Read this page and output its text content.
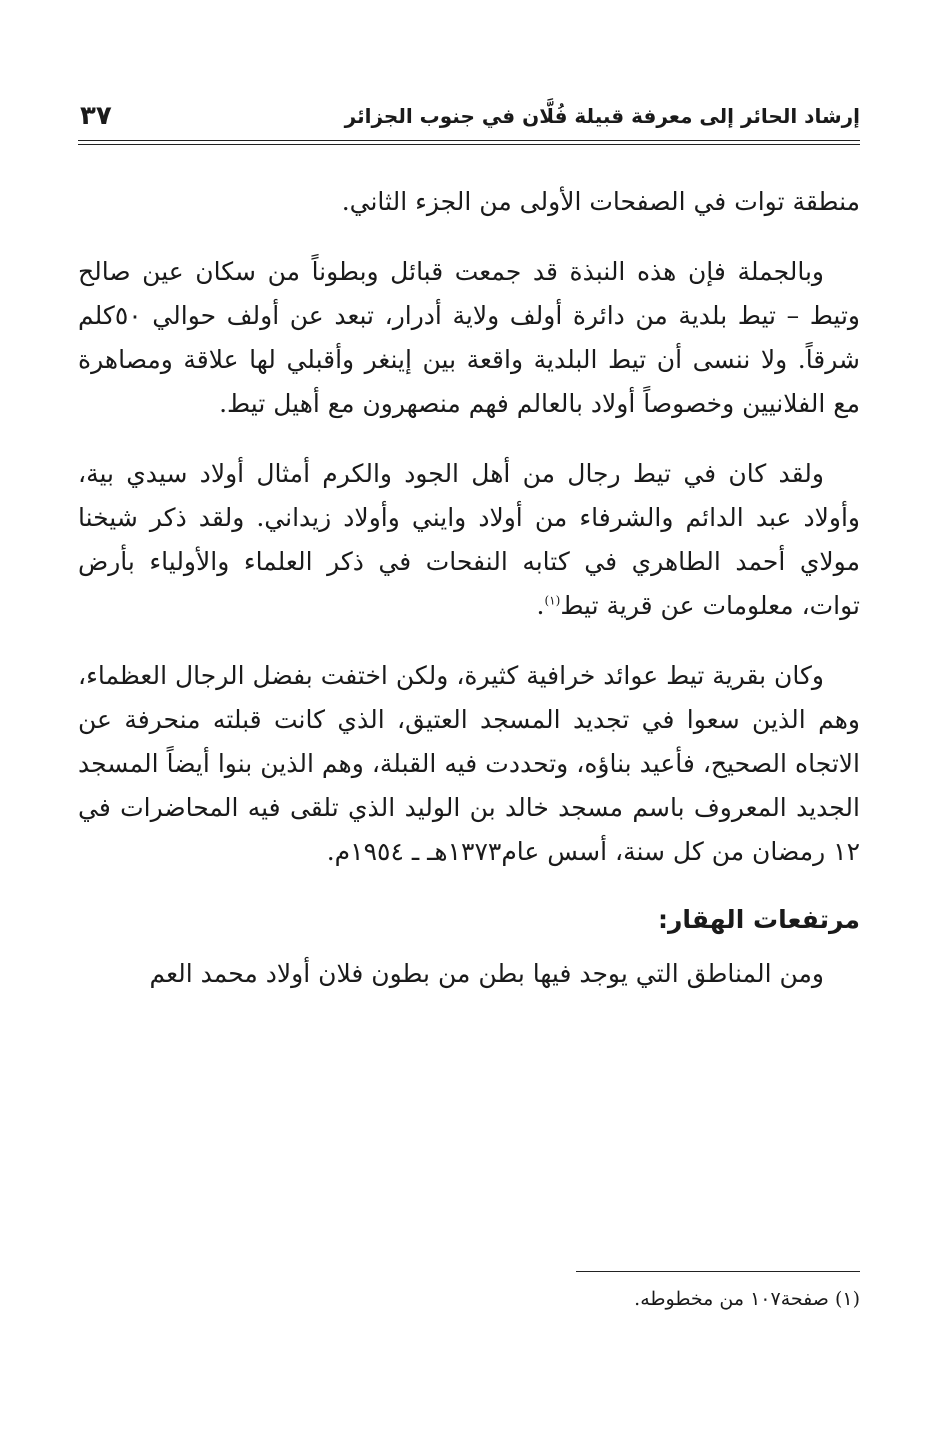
إرشاد الحائر إلى معرفة قبيلة فُلَّان في جنوب الجزائر
٣٧

منطقة توات في الصفحات الأولى من الجزء الثاني.

وبالجملة فإن هذه النبذة قد جمعت قبائل وبطوناً من سكان عين صالح وتيط – تيط بلدية من دائرة أولف ولاية أدرار، تبعد عن أولف حوالي ٥٠كلم شرقاً. ولا ننسى أن تيط البلدية واقعة بين إينغر وأقبلي لها علاقة ومصاهرة مع الفلانيين وخصوصاً أولاد بالعالم فهم منصهرون مع أهيل تيط.

ولقد كان في تيط رجال من أهل الجود والكرم أمثال أولاد سيدي بية، وأولاد عبد الدائم والشرفاء من أولاد وايني وأولاد زيداني. ولقد ذكر شيخنا مولاي أحمد الطاهري في كتابه النفحات في ذكر العلماء والأولياء بأرض توات، معلومات عن قرية تيط$^{(١)}$.

وكان بقرية تيط عوائد خرافية كثيرة، ولكن اختفت بفضل الرجال العظماء، وهم الذين سعوا في تجديد المسجد العتيق، الذي كانت قبلته منحرفة عن الاتجاه الصحيح، فأعيد بناؤه، وتحددت فيه القبلة، وهم الذين بنوا أيضاً المسجد الجديد المعروف باسم مسجد خالد بن الوليد الذي تلقى فيه المحاضرات في ١٢ رمضان من كل سنة، أسس عام١٣٧٣هـ ـ ١٩٥٤م.

مرتفعات الهقار:

ومن المناطق التي يوجد فيها بطن من بطون فلان أولاد محمد العم

(١) صفحة١٠٧ من مخطوطه.
